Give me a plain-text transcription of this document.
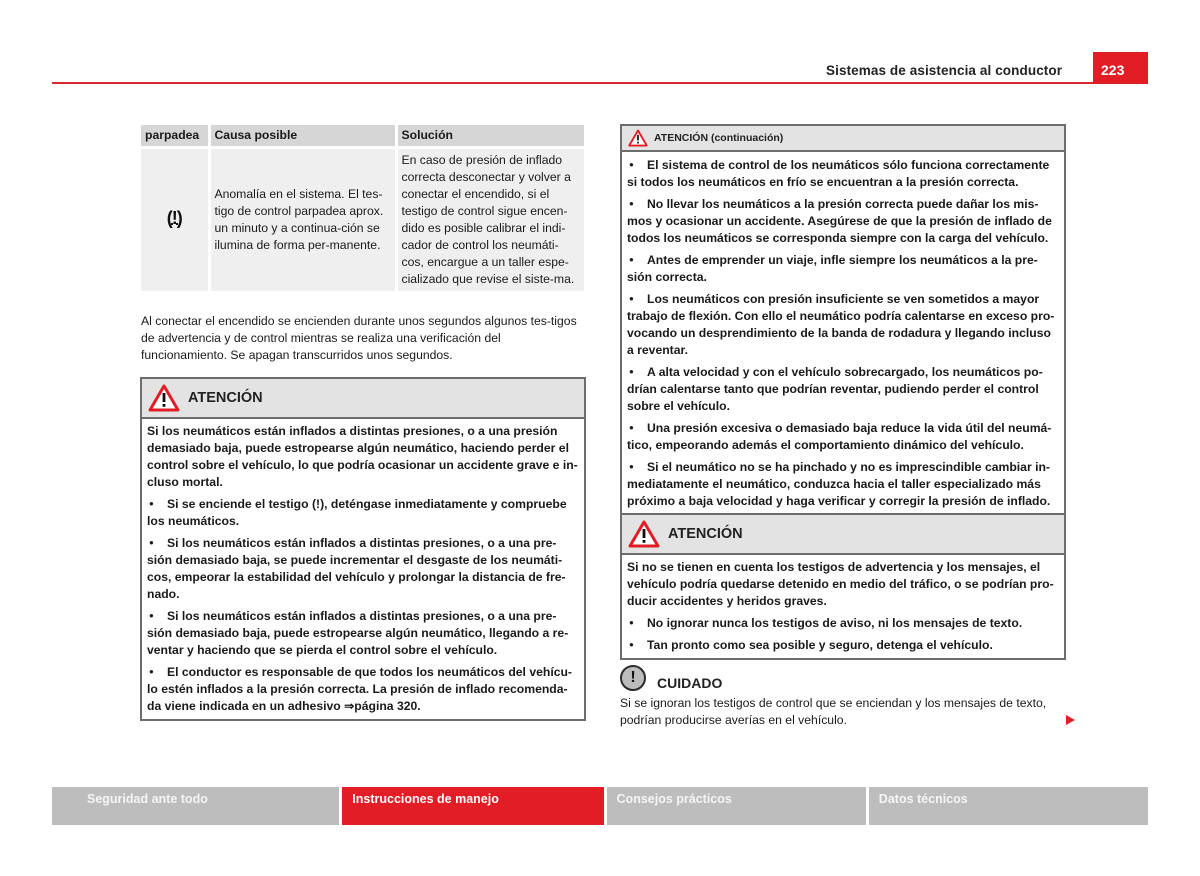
Sistemas de asistencia al conductor	223
parpadea	Causa posible	Solución
(!)	Anomalía en el sistema. El tes-tigo de control parpadea aprox. un minuto y a continua-ción se ilumina de forma per-manente.	En caso de presión de inflado correcta desconectar y volver a conectar el encendido, si el testigo de control sigue encen-dido es posible calibrar el indi-cador de control los neumáti-cos, encargue a un taller espe-cializado que revise el siste-ma.

Al conectar el encendido se encienden durante unos segundos algunos tes-tigos de advertencia y de control mientras se realiza una verificación del funcionamiento. Se apagan transcurridos unos segundos.

ATENCIÓN

Si los neumáticos están inflados a distintas presiones, o a una presión demasiado baja, puede estropearse algún neumático, haciendo perder el control sobre el vehículo, lo que podría ocasionar un accidente grave e in-cluso mortal.

● Si se enciende el testigo (!), deténgase inmediatamente y compruebe los neumáticos.

● Si los neumáticos están inflados a distintas presiones, o a una pre-sión demasiado baja, se puede incrementar el desgaste de los neumáti-cos, empeorar la estabilidad del vehículo y prolongar la distancia de fre-nado.

● Si los neumáticos están inflados a distintas presiones, o a una pre-sión demasiado baja, puede estropearse algún neumático, llegando a re-ventar y haciendo que se pierda el control sobre el vehículo.

● El conductor es responsable de que todos los neumáticos del vehícu-lo estén inflados a la presión correcta. La presión de inflado recomenda-da viene indicada en un adhesivo ⇒página 320.

ATENCIÓN (continuación)

● El sistema de control de los neumáticos sólo funciona correctamente si todos los neumáticos en frío se encuentran a la presión correcta.

● No llevar los neumáticos a la presión correcta puede dañar los mis-mos y ocasionar un accidente. Asegúrese de que la presión de inflado de todos los neumáticos se corresponda siempre con la carga del vehículo.

● Antes de emprender un viaje, infle siempre los neumáticos a la pre-sión correcta.

● Los neumáticos con presión insuficiente se ven sometidos a mayor trabajo de flexión. Con ello el neumático podría calentarse en exceso pro-vocando un desprendimiento de la banda de rodadura y llegando incluso a reventar.

● A alta velocidad y con el vehículo sobrecargado, los neumáticos po-drían calentarse tanto que podrían reventar, pudiendo perder el control sobre el vehículo.

● Una presión excesiva o demasiado baja reduce la vida útil del neumá-tico, empeorando además el comportamiento dinámico del vehículo.

● Si el neumático no se ha pinchado y no es imprescindible cambiar in-mediatamente el neumático, conduzca hacia el taller especializado más próximo a baja velocidad y haga verificar y corregir la presión de inflado.

ATENCIÓN

Si no se tienen en cuenta los testigos de advertencia y los mensajes, el vehículo podría quedarse detenido en medio del tráfico, o se podrían pro-ducir accidentes y heridos graves.

● No ignorar nunca los testigos de aviso, ni los mensajes de texto.

● Tan pronto como sea posible y seguro, detenga el vehículo.

!	CUIDADO

Si se ignoran los testigos de control que se enciendan y los mensajes de texto, podrían producirse averías en el vehículo.

Seguridad ante todo	Instrucciones de manejo	Consejos prácticos	Datos técnicos
